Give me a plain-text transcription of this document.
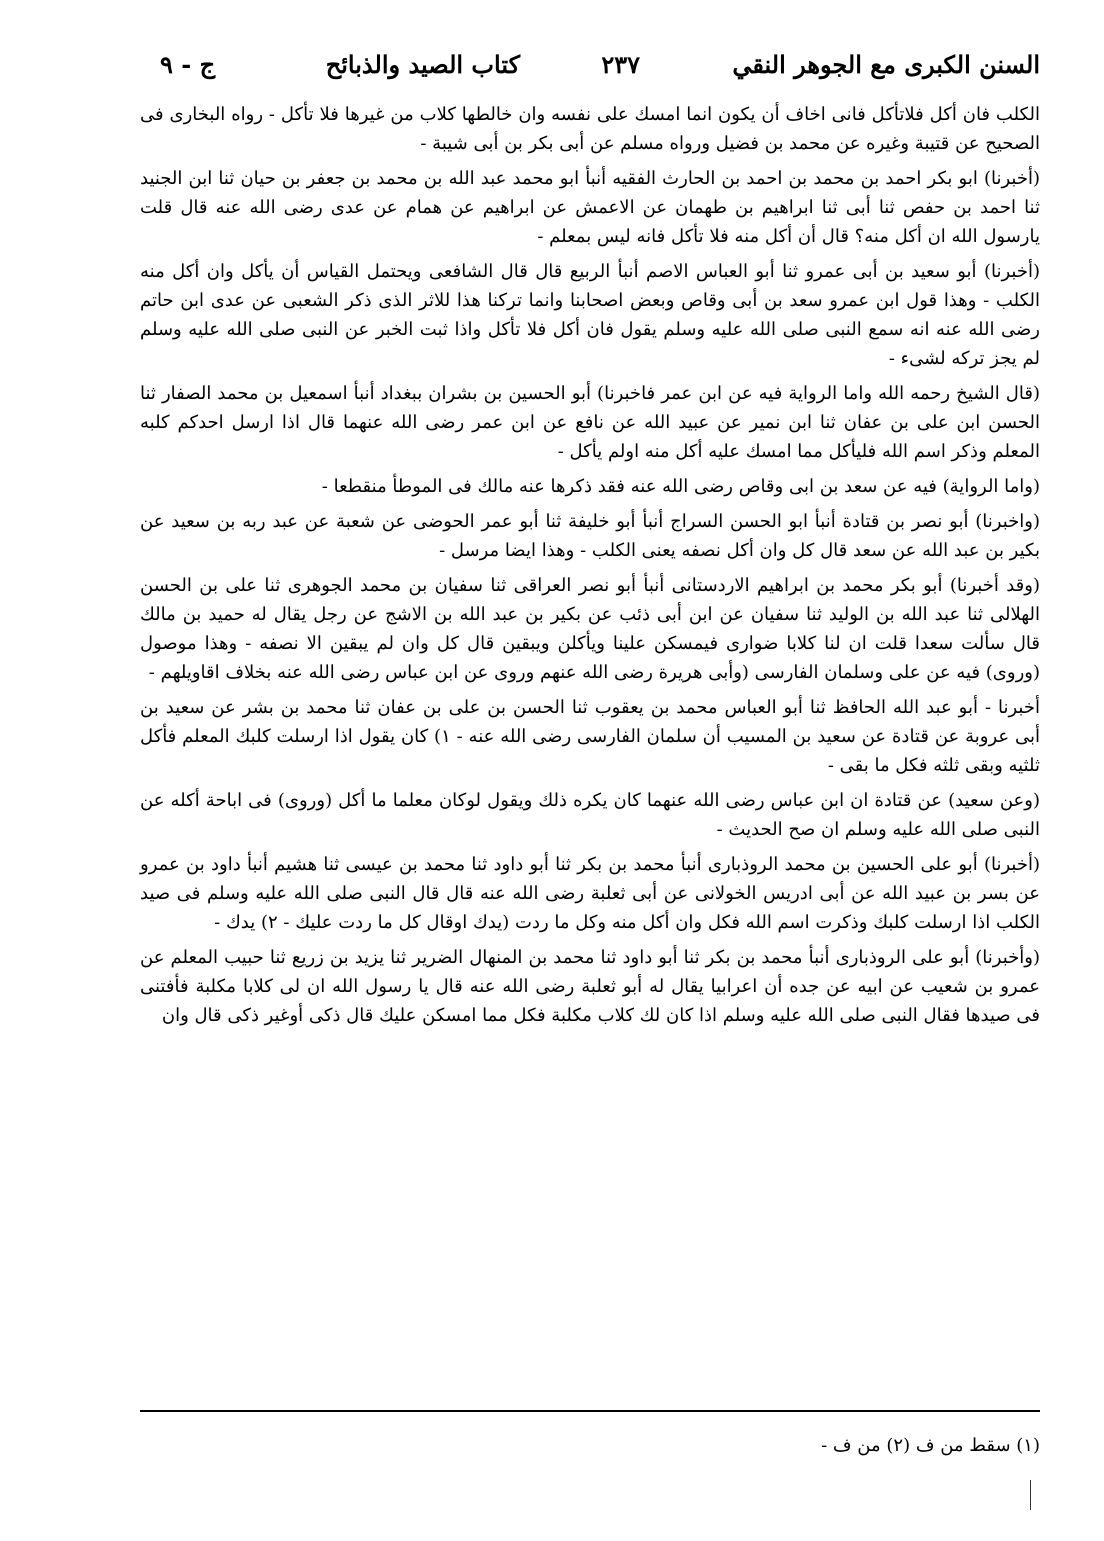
السنن الكبرى مع الجوهر النقي
٢٣٧
كتاب الصيد والذبائح
ج - ٩

الكلب فان أكل فلاتأكل فانى اخاف أن يكون انما امسك على نفسه وان خالطها كلاب من غيرها فلا تأكل - رواه البخارى فى الصحيح عن قتيبة وغيره عن محمد بن فضيل ورواه مسلم عن أبى بكر بن أبى شيبة -

(أخبرنا) ابو بكر احمد بن محمد بن احمد بن الحارث الفقيه أنبأ ابو محمد عبد الله بن محمد بن جعفر بن حيان ثنا ابن الجنيد ثنا احمد بن حفص ثنا أبى ثنا ابراهيم بن طهمان عن الاعمش عن ابراهيم عن همام عن عدى رضى الله عنه قال قلت يارسول الله ان أكل منه؟ قال أن أكل منه فلا تأكل فانه ليس بمعلم -

(أخبرنا) أبو سعيد بن أبى عمرو ثنا أبو العباس الاصم أنبأ الربيع قال قال الشافعى ويحتمل القياس أن يأكل وان أكل منه الكلب - وهذا قول ابن عمرو سعد بن أبى وقاص وبعض اصحابنا وانما تركنا هذا للاثر الذى ذكر الشعبى عن عدى ابن حاتم رضى الله عنه انه سمع النبى صلى الله عليه وسلم يقول فان أكل فلا تأكل واذا ثبت الخبر عن النبى صلى الله عليه وسلم لم يجز تركه لشىء -

(قال الشيخ رحمه الله واما الرواية فيه عن ابن عمر فاخبرنا) أبو الحسين بن بشران ببغداد أنبأ اسمعيل بن محمد الصفار ثنا الحسن ابن على بن عفان ثنا ابن نمير عن عبيد الله عن نافع عن ابن عمر رضى الله عنهما قال اذا ارسل احدكم كلبه المعلم وذكر اسم الله فليأكل مما امسك عليه أكل منه اولم يأكل -

(واما الرواية) فيه عن سعد بن ابى وقاص رضى الله عنه فقد ذكرها عنه مالك فى الموطأ منقطعا -

(واخبرنا) أبو نصر بن قتادة أنبأ ابو الحسن السراج أنبأ أبو خليفة ثنا أبو عمر الحوضى عن شعبة عن عبد ربه بن سعيد عن بكير بن عبد الله عن سعد قال كل وان أكل نصفه يعنى الكلب - وهذا ايضا مرسل -

(وقد أخبرنا) أبو بكر محمد بن ابراهيم الاردستانى أنبأ أبو نصر العراقى ثنا سفيان بن محمد الجوهرى ثنا على بن الحسن الهلالى ثنا عبد الله بن الوليد ثنا سفيان عن ابن أبى ذئب عن بكير بن عبد الله بن الاشج عن رجل يقال له حميد بن مالك قال سألت سعدا قلت ان لنا كلابا ضوارى فيمسكن علينا ويأكلن ويبقين قال كل وان لم يبقين الا نصفه - وهذا موصول (وروى) فيه عن على وسلمان الفارسى (وأبى هريرة رضى الله عنهم وروى عن ابن عباس رضى الله عنه بخلاف اقاويلهم -

أخبرنا - أبو عبد الله الحافظ ثنا أبو العباس محمد بن يعقوب ثنا الحسن بن على بن عفان ثنا محمد بن بشر عن سعيد بن أبى عروبة عن قتادة عن سعيد بن المسيب أن سلمان الفارسى رضى الله عنه - ١) كان يقول اذا ارسلت كلبك المعلم فأكل ثلثيه وبقى ثلثه فكل ما بقى -

(وعن سعيد) عن قتادة ان ابن عباس رضى الله عنهما كان يكره ذلك ويقول لوكان معلما ما أكل (وروى) فى اباحة أكله عن النبى صلى الله عليه وسلم ان صح الحديث -

(أخبرنا) أبو على الحسين بن محمد الروذبارى أنبأ محمد بن بكر ثنا أبو داود ثنا محمد بن عيسى ثنا هشيم أنبأ داود بن عمرو عن بسر بن عبيد الله عن أبى ادريس الخولانى عن أبى ثعلبة رضى الله عنه قال قال النبى صلى الله عليه وسلم فى صيد الكلب اذا ارسلت كلبك وذكرت اسم الله فكل وان أكل منه وكل ما ردت (يدك اوقال كل ما ردت عليك - ٢) يدك -

(وأخبرنا) أبو على الروذبارى أنبأ محمد بن بكر ثنا أبو داود ثنا محمد بن المنهال الضرير ثنا يزيد بن زريع ثنا حبيب المعلم عن عمرو بن شعيب عن ابيه عن جده أن اعرابيا يقال له أبو ثعلبة رضى الله عنه قال يا رسول الله ان لى كلابا مكلبة فأفتنى فى صيدها فقال النبى صلى الله عليه وسلم اذا كان لك كلاب مكلبة فكل مما امسكن عليك قال ذكى أوغير ذكى قال وان

(١) سقط من ف (٢) من ف -
